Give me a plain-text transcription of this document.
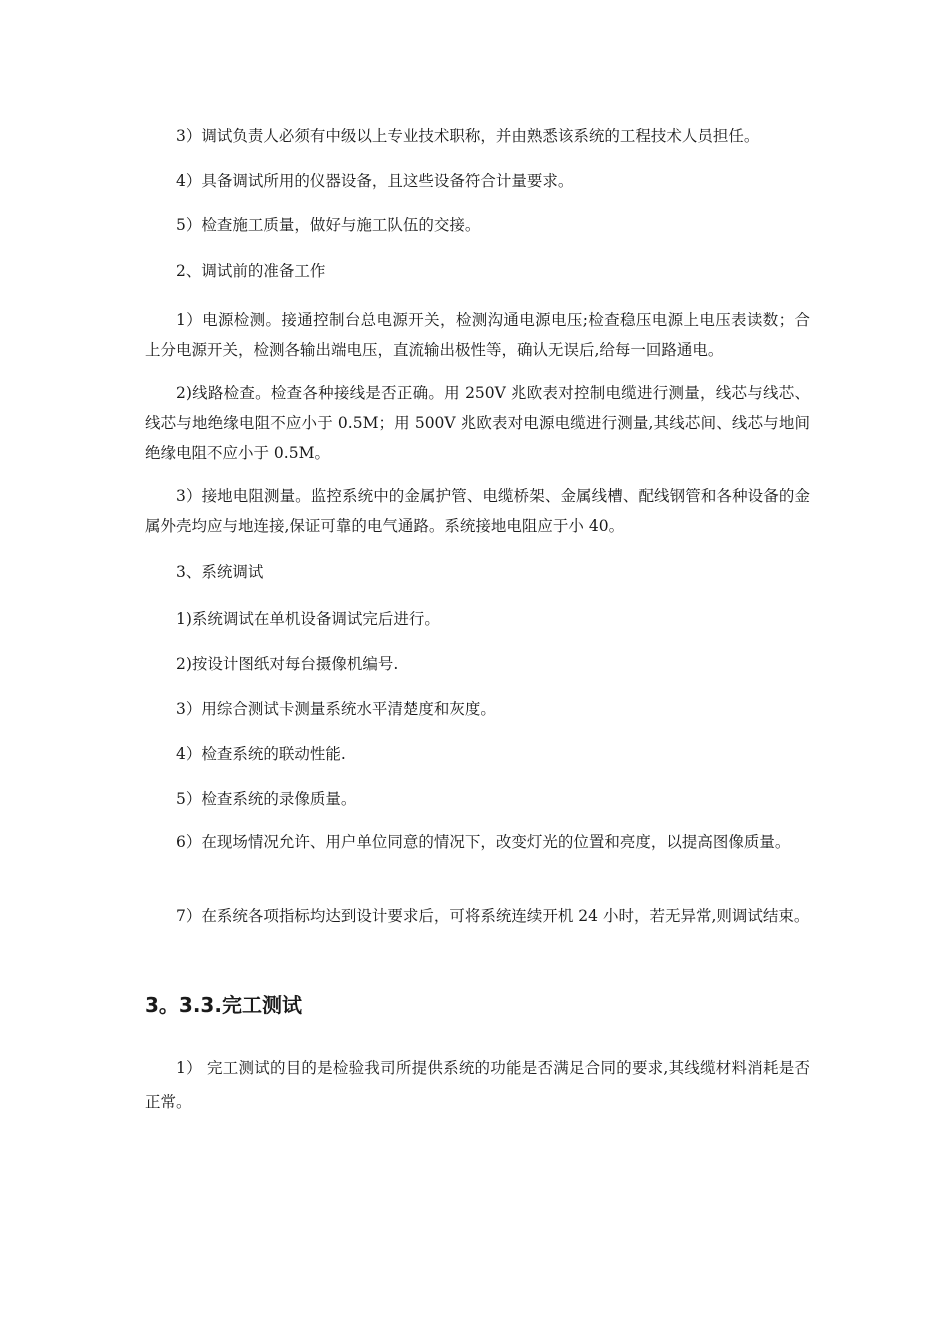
3）调试负责人必须有中级以上专业技术职称，并由熟悉该系统的工程技术人员担任。

4）具备调试所用的仪器设备，且这些设备符合计量要求。

5）检查施工质量，做好与施工队伍的交接。

2、调试前的准备工作

1）电源检测。接通控制台总电源开关，检测沟通电源电压;检查稳压电源上电压表读数；合上分电源开关，检测各输出端电压，直流输出极性等，确认无误后,给每一回路通电。

2)线路检查。检查各种接线是否正确。用 250V 兆欧表对控制电缆进行测量，线芯与线芯、线芯与地绝缘电阻不应小于 0.5M；用 500V 兆欧表对电源电缆进行测量,其线芯间、线芯与地间绝缘电阻不应小于 0.5M。

3）接地电阻测量。监控系统中的金属护管、电缆桥架、金属线槽、配线钢管和各种设备的金属外壳均应与地连接,保证可靠的电气通路。系统接地电阻应于小 40。

3、系统调试

1)系统调试在单机设备调试完后进行。

2)按设计图纸对每台摄像机编号.

3）用综合测试卡测量系统水平清楚度和灰度。

4）检查系统的联动性能.

5）检查系统的录像质量。

6）在现场情况允许、用户单位同意的情况下，改变灯光的位置和亮度，以提高图像质量。

7）在系统各项指标均达到设计要求后，可将系统连续开机 24 小时，若无异常,则调试结束。

3。3.3.完工测试

1） 完工测试的目的是检验我司所提供系统的功能是否满足合同的要求,其线缆材料消耗是否正常。
